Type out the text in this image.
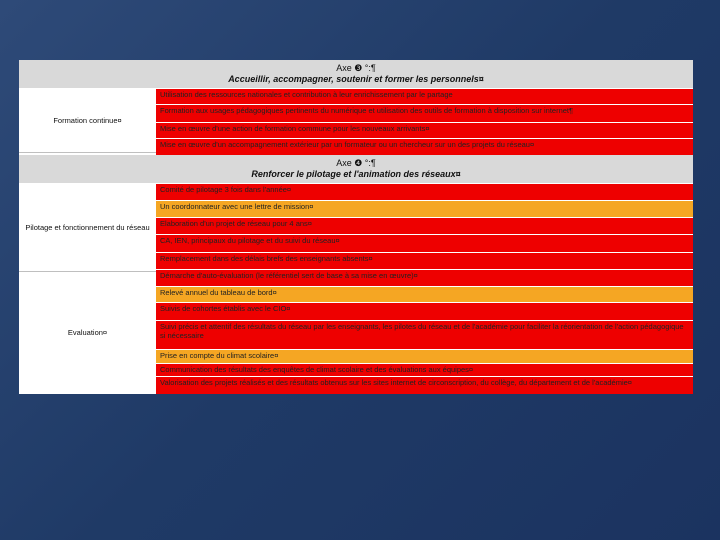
Axe ❸ °:¶
Accueillir, accompagner, soutenir et former les personnels¤
Formation continue¤
Utilisation des ressources nationales et contribution à leur enrichissement par le partage
Formation aux usages pédagogiques pertinents du numérique et utilisation des outils de formation à disposition sur internet¶
Mise en œuvre d'une action de formation commune pour les nouveaux arrivants¤
Mise en œuvre d'un accompagnement extérieur par un formateur ou un chercheur sur un des projets du réseau¤
Axe ❹ °:¶
Renforcer le pilotage et l'animation des réseaux¤
Pilotage et fonctionnement du réseau
Evaluation¤
Comité de pilotage 3 fois dans l'année¤
Un coordonnateur avec une lettre de mission¤
Elaboration d'un projet de réseau pour 4 ans¤
CA, IEN, principaux du pilotage et du suivi du réseau¤
Remplacement dans des délais brefs des enseignants absents¤
Démarche d'auto-évaluation (le référentiel sert de base à sa mise en œuvre)¤
Relevé annuel du tableau de bord¤
Suivis de cohortes établis avec le CIO¤
Suivi précis et attentif des résultats du réseau par les enseignants, les pilotes du réseau et de l'académie pour faciliter la réorientation de l'action pédagogique si nécessaire
Prise en compte du climat scolaire¤
Communication des résultats des enquêtes de climat scolaire et des évaluations aux équipes¤
Valorisation des projets réalisés et des résultats obtenus sur les sites internet de circonscription, du collège, du département et de l'académie¤
